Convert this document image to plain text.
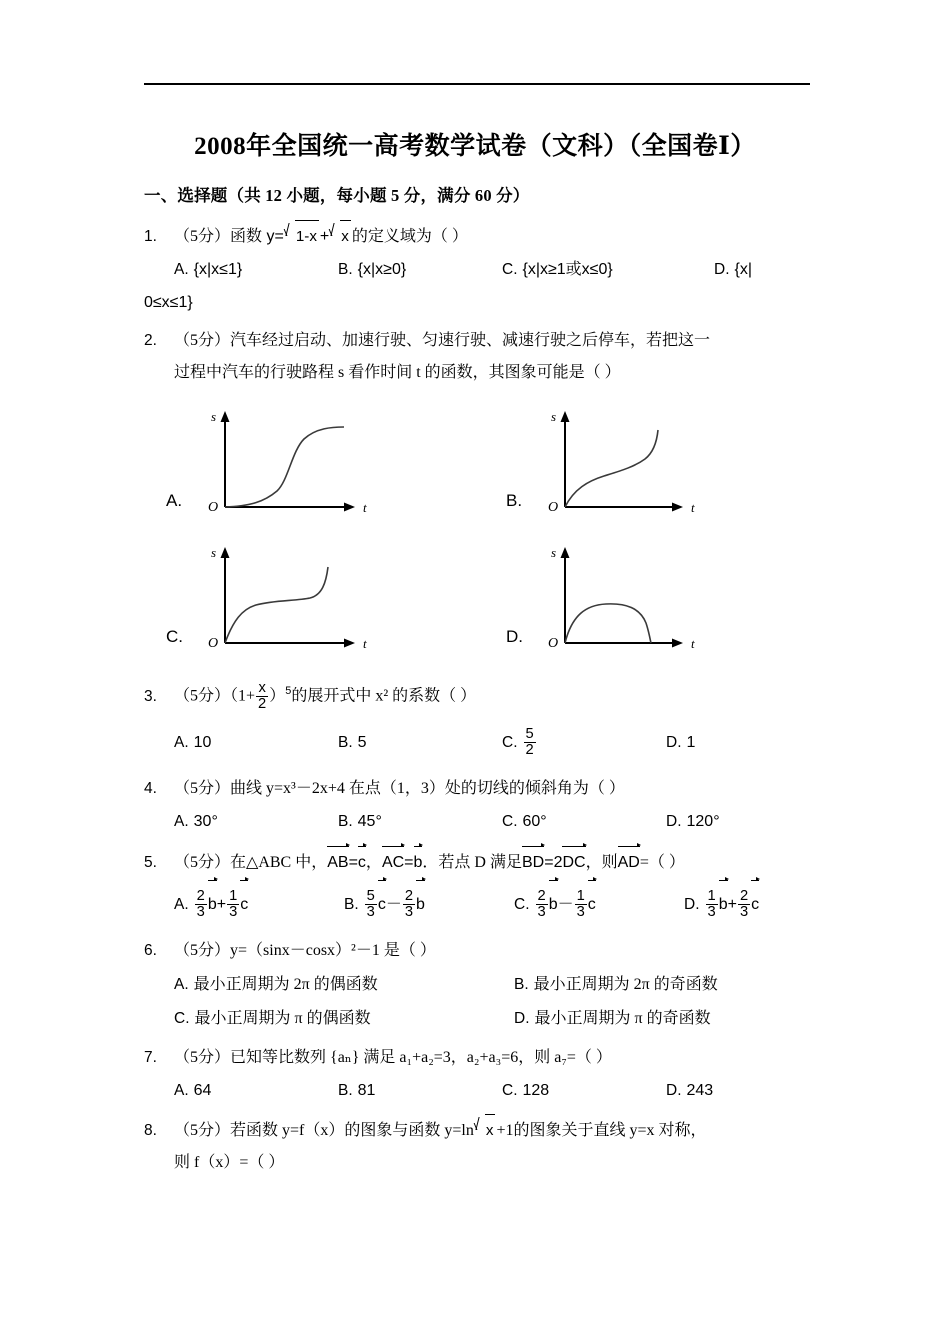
2008年全国统一高考数学试卷（文科）（全国卷Ⅰ）
一、选择题（共 12 小题，每小题 5 分，满分 60 分）
1. （5分）函数 y= 1-x + x 的定义域为（ ）
A. {x|x≤1}	B. {x|x≥0}	C. {x|x≥1或x≤0}	D. {x|
0≤x≤1}
2. （5分）汽车经过启动、加速行驶、匀速行驶、减速行驶之后停车，若把这一
过程中汽车的行驶路程 s 看作时间 t 的函数，其图象可能是（ ）
A.
s
t
O	B.
s
t
O
C.
s
t
O	D.
s
t
O
3. （5分）$(1+ \frac{x}{2} )^5$的展开式中 x² 的系数（ ）
A. 10	B. 5	C. $\frac{5}{2}$	D. 1
4. （5分）曲线 y=x³－2x+4 在点（1，3）处的切线的倾斜角为（ ）
A. 30°	B. 45°	C. 60°	D. 120°
5. （5分）在△ABC 中，AB=c，AC=b．若点 D 满足BD=2DC，则AD=（ ）
A. $\frac{2}{3} b+ \frac{1}{3}$ c	B. $\frac{5}{3} c- \frac{2}{3}$ b	C. $\frac{2}{3} b- \frac{1}{3}$ c	D. $\frac{1}{3} b+ \frac{2}{3}$ c
6. （5分）y=（sinx－cosx）²－1 是（ ）
A. 最小正周期为 2π 的偶函数	B. 最小正周期为 2π 的奇函数
C. 最小正周期为 π 的偶函数	D. 最小正周期为 π 的奇函数
7. （5分）已知等比数列 {aₙ} 满足 a₁+a₂=3，a₂+a₃=6，则 a₇=（ ）
A. 64	B. 81	C. 128	D. 243
8. （5分）若函数 y=f（x）的图象与函数 y=ln x +1的图象关于直线 y=x 对称，
则 f（x）=（ ）
